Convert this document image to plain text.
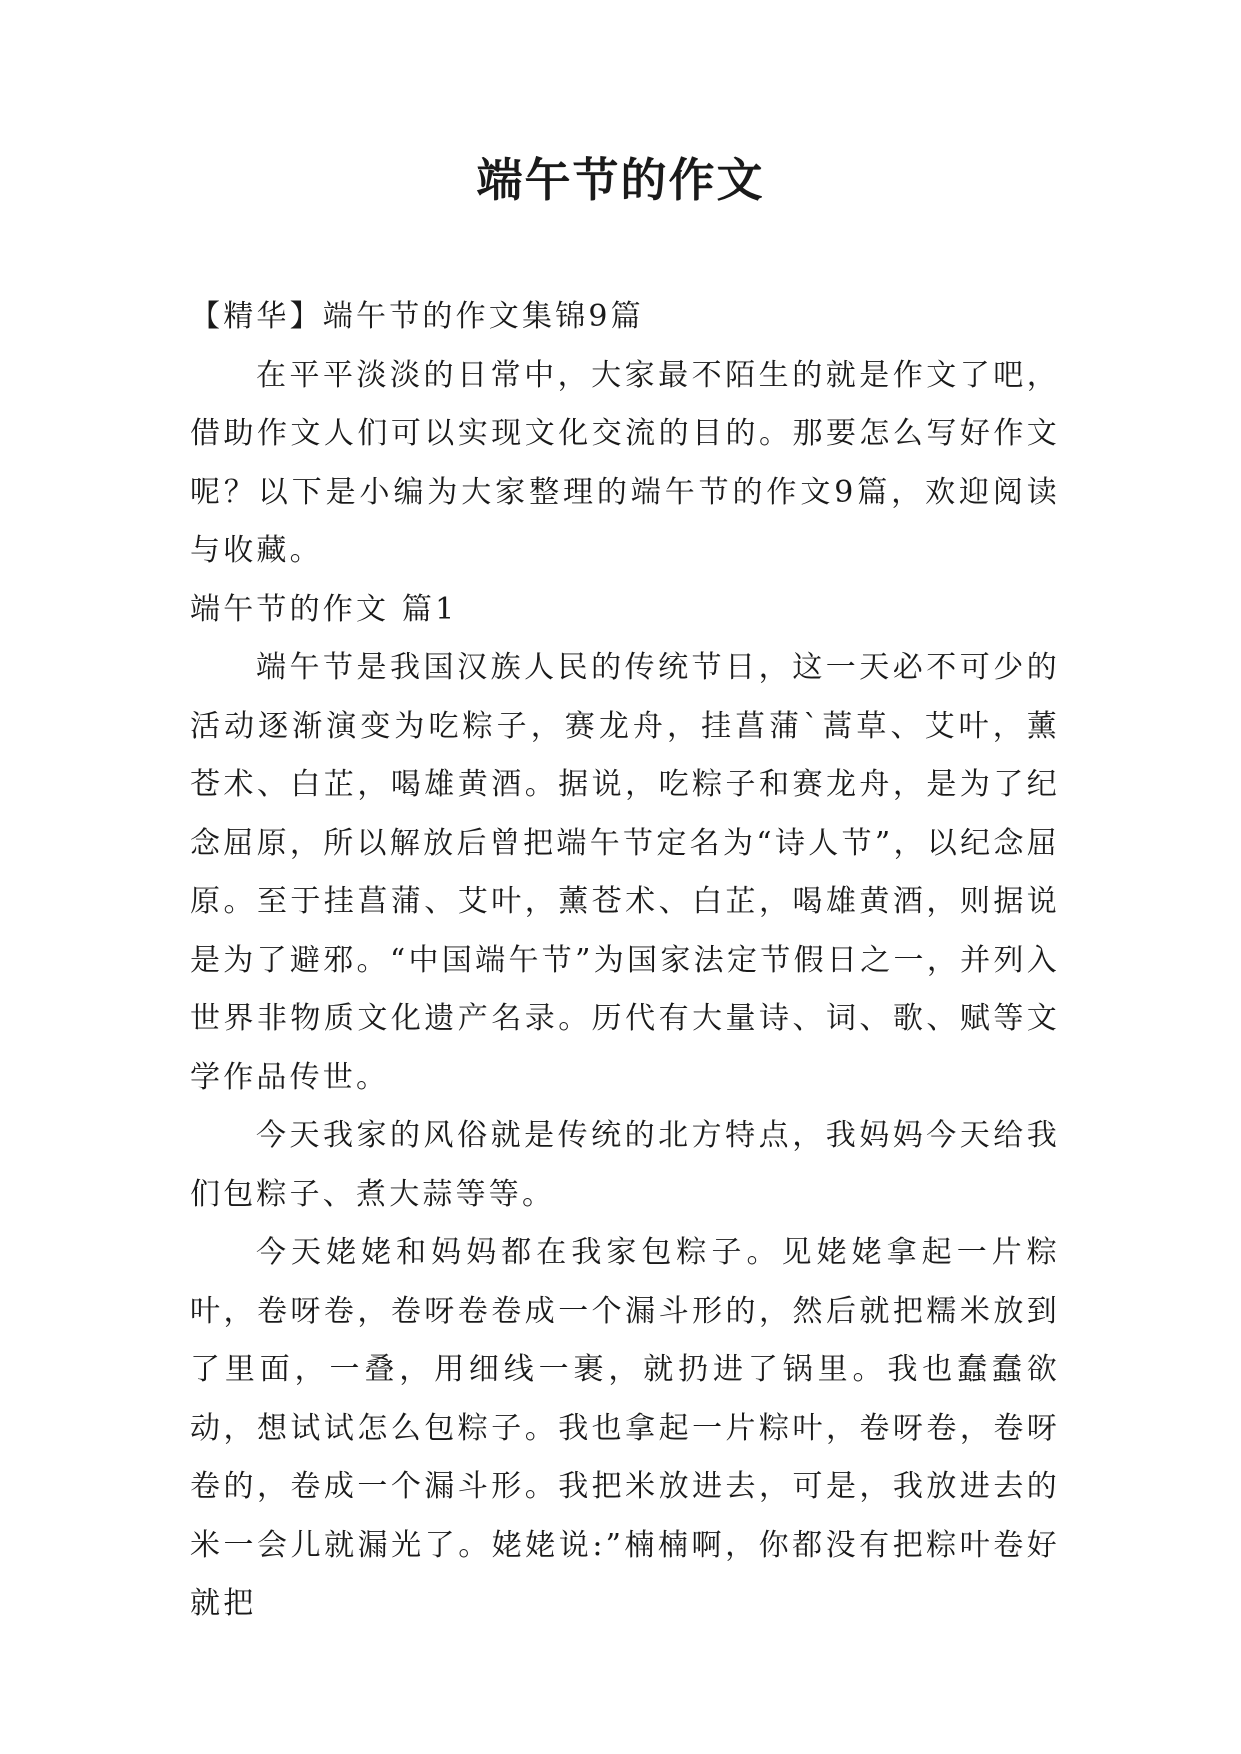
端午节的作文

【精华】端午节的作文集锦9篇

在平平淡淡的日常中，大家最不陌生的就是作文了吧，借助作文人们可以实现文化交流的目的。那要怎么写好作文呢？以下是小编为大家整理的端午节的作文9篇，欢迎阅读与收藏。

端午节的作文 篇1

端午节是我国汉族人民的传统节日，这一天必不可少的活动逐渐演变为吃粽子，赛龙舟，挂菖蒲`蒿草、艾叶，薰苍术、白芷，喝雄黄酒。据说，吃粽子和赛龙舟，是为了纪念屈原，所以解放后曾把端午节定名为“诗人节”，以纪念屈原。至于挂菖蒲、艾叶，薰苍术、白芷，喝雄黄酒，则据说是为了避邪。“中国端午节”为国家法定节假日之一，并列入世界非物质文化遗产名录。历代有大量诗、词、歌、赋等文学作品传世。

今天我家的风俗就是传统的北方特点，我妈妈今天给我们包粽子、煮大蒜等等。

今天姥姥和妈妈都在我家包粽子。见姥姥拿起一片粽叶，卷呀卷，卷呀卷卷成一个漏斗形的，然后就把糯米放到了里面，一叠，用细线一裹，就扔进了锅里。我也蠢蠢欲动，想试试怎么包粽子。我也拿起一片粽叶，卷呀卷，卷呀卷的，卷成一个漏斗形。我把米放进去，可是，我放进去的米一会儿就漏光了。姥姥说:”楠楠啊，你都没有把粽叶卷好就把
